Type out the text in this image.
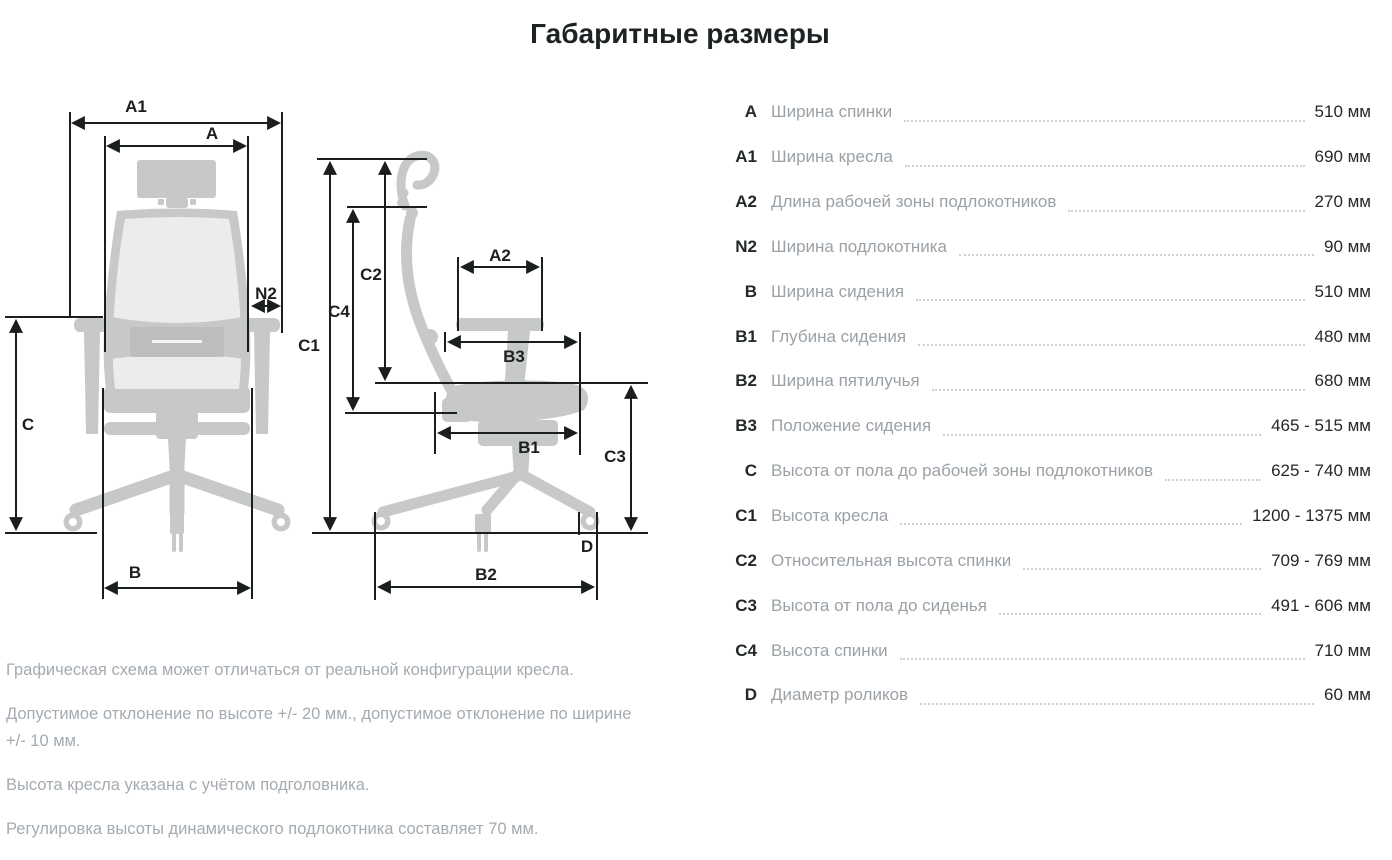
Габаритные размеры
A1
A
N2
C
B
C1
C2
C4
A2
B3
B1	C3
B2
D
A Ширина спинки	510 мм
A1 Ширина кресла	690 мм
A2 Длина рабочей зоны подлокотников	270 мм
N2 Ширина подлокотника	90 мм
B Ширина сидения	510 мм
B1 Глубина сидения	480 мм
B2 Ширина пятилучья	680 мм
B3 Положение сидения	465 - 515 мм
C Высота от пола до рабочей зоны подлокотников	625 - 740 мм
C1 Высота кресла	1200 - 1375 мм
C2 Относительная высота спинки	709 - 769 мм
C3 Высота от пола до сиденья	491 - 606 мм
C4 Высота спинки	710 мм
D Диаметр роликов	60 мм

Графическая схема может отличаться от реальной конфигурации кресла.

Допустимое отклонение по высоте +/- 20 мм., допустимое отклонение по ширине +/- 10 мм.

Высота кресла указана с учётом подголовника.

Регулировка высоты динамического подлокотника составляет 70 мм.
